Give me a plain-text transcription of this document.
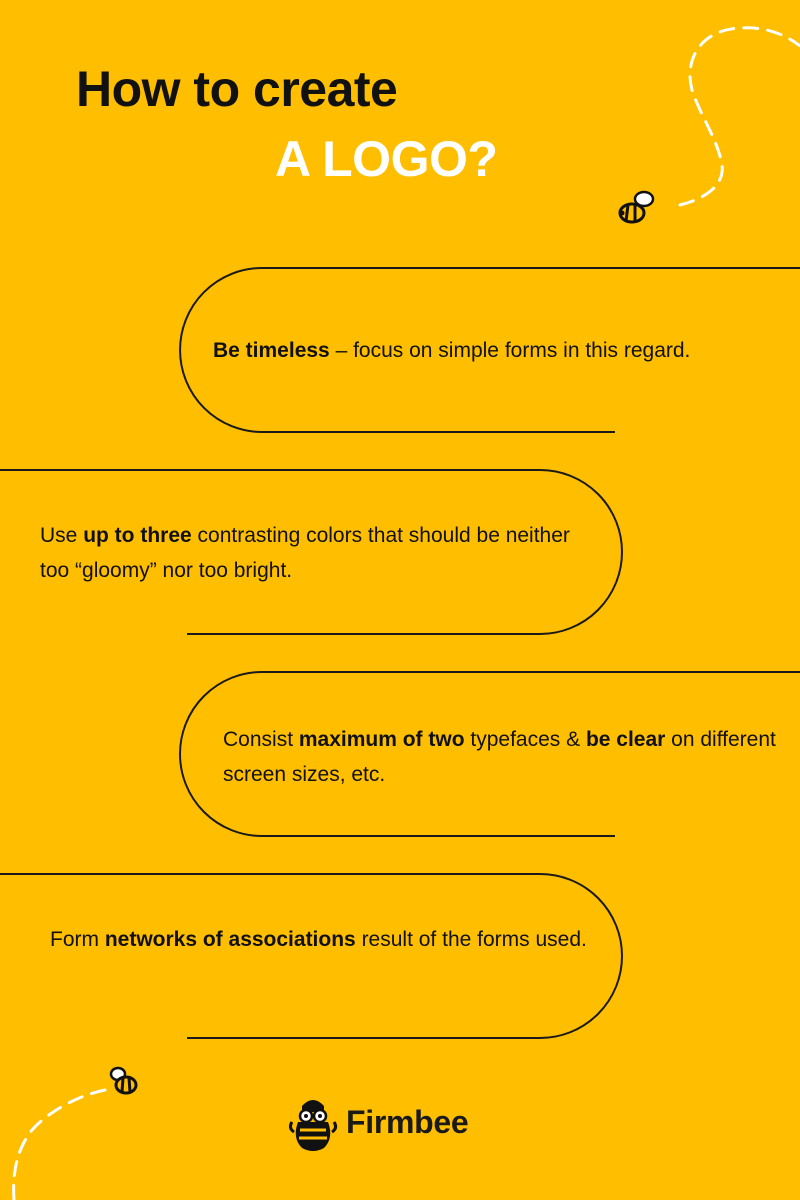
How to create
A LOGO?
Be timeless – focus on simple forms in this regard.
Use up to three contrasting colors that should be neither too “gloomy” nor too bright.
Consist maximum of two typefaces & be clear on different screen sizes, etc.
Form networks of associations result of the forms used.
Firmbee
